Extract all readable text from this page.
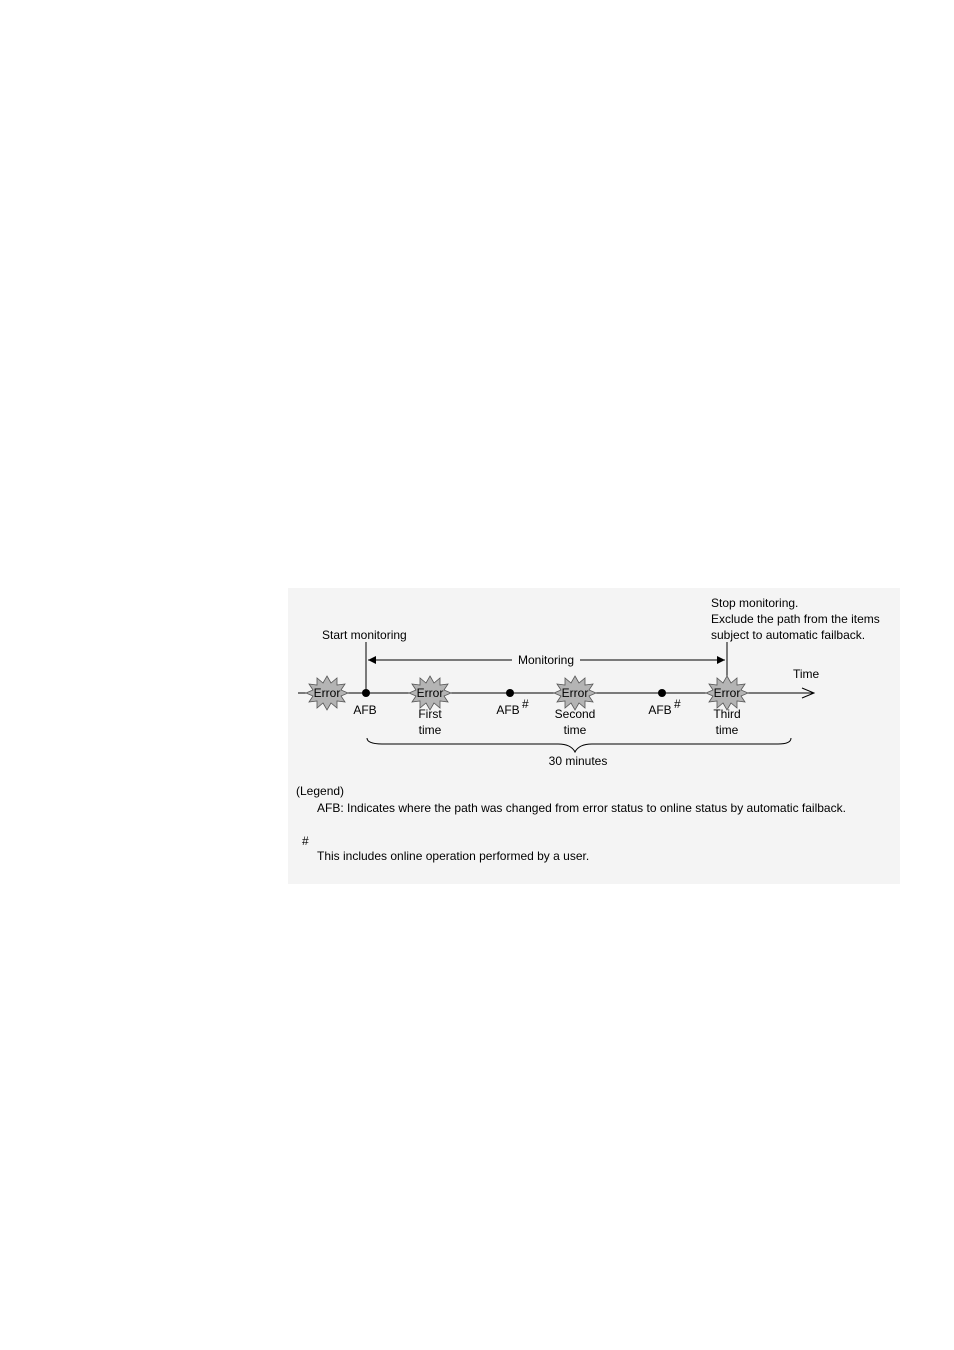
Start monitoring
Stop monitoring.
Exclude the path from the items
subject to automatic failback.
Monitoring
Time
Error	Error	Error	Error
AFB	AFB #	AFB #
First
time
Second
time
Third
time
30 minutes
(Legend)
AFB: Indicates where the path was changed from error status to online status by automatic failback.
#
This includes online operation performed by a user.
